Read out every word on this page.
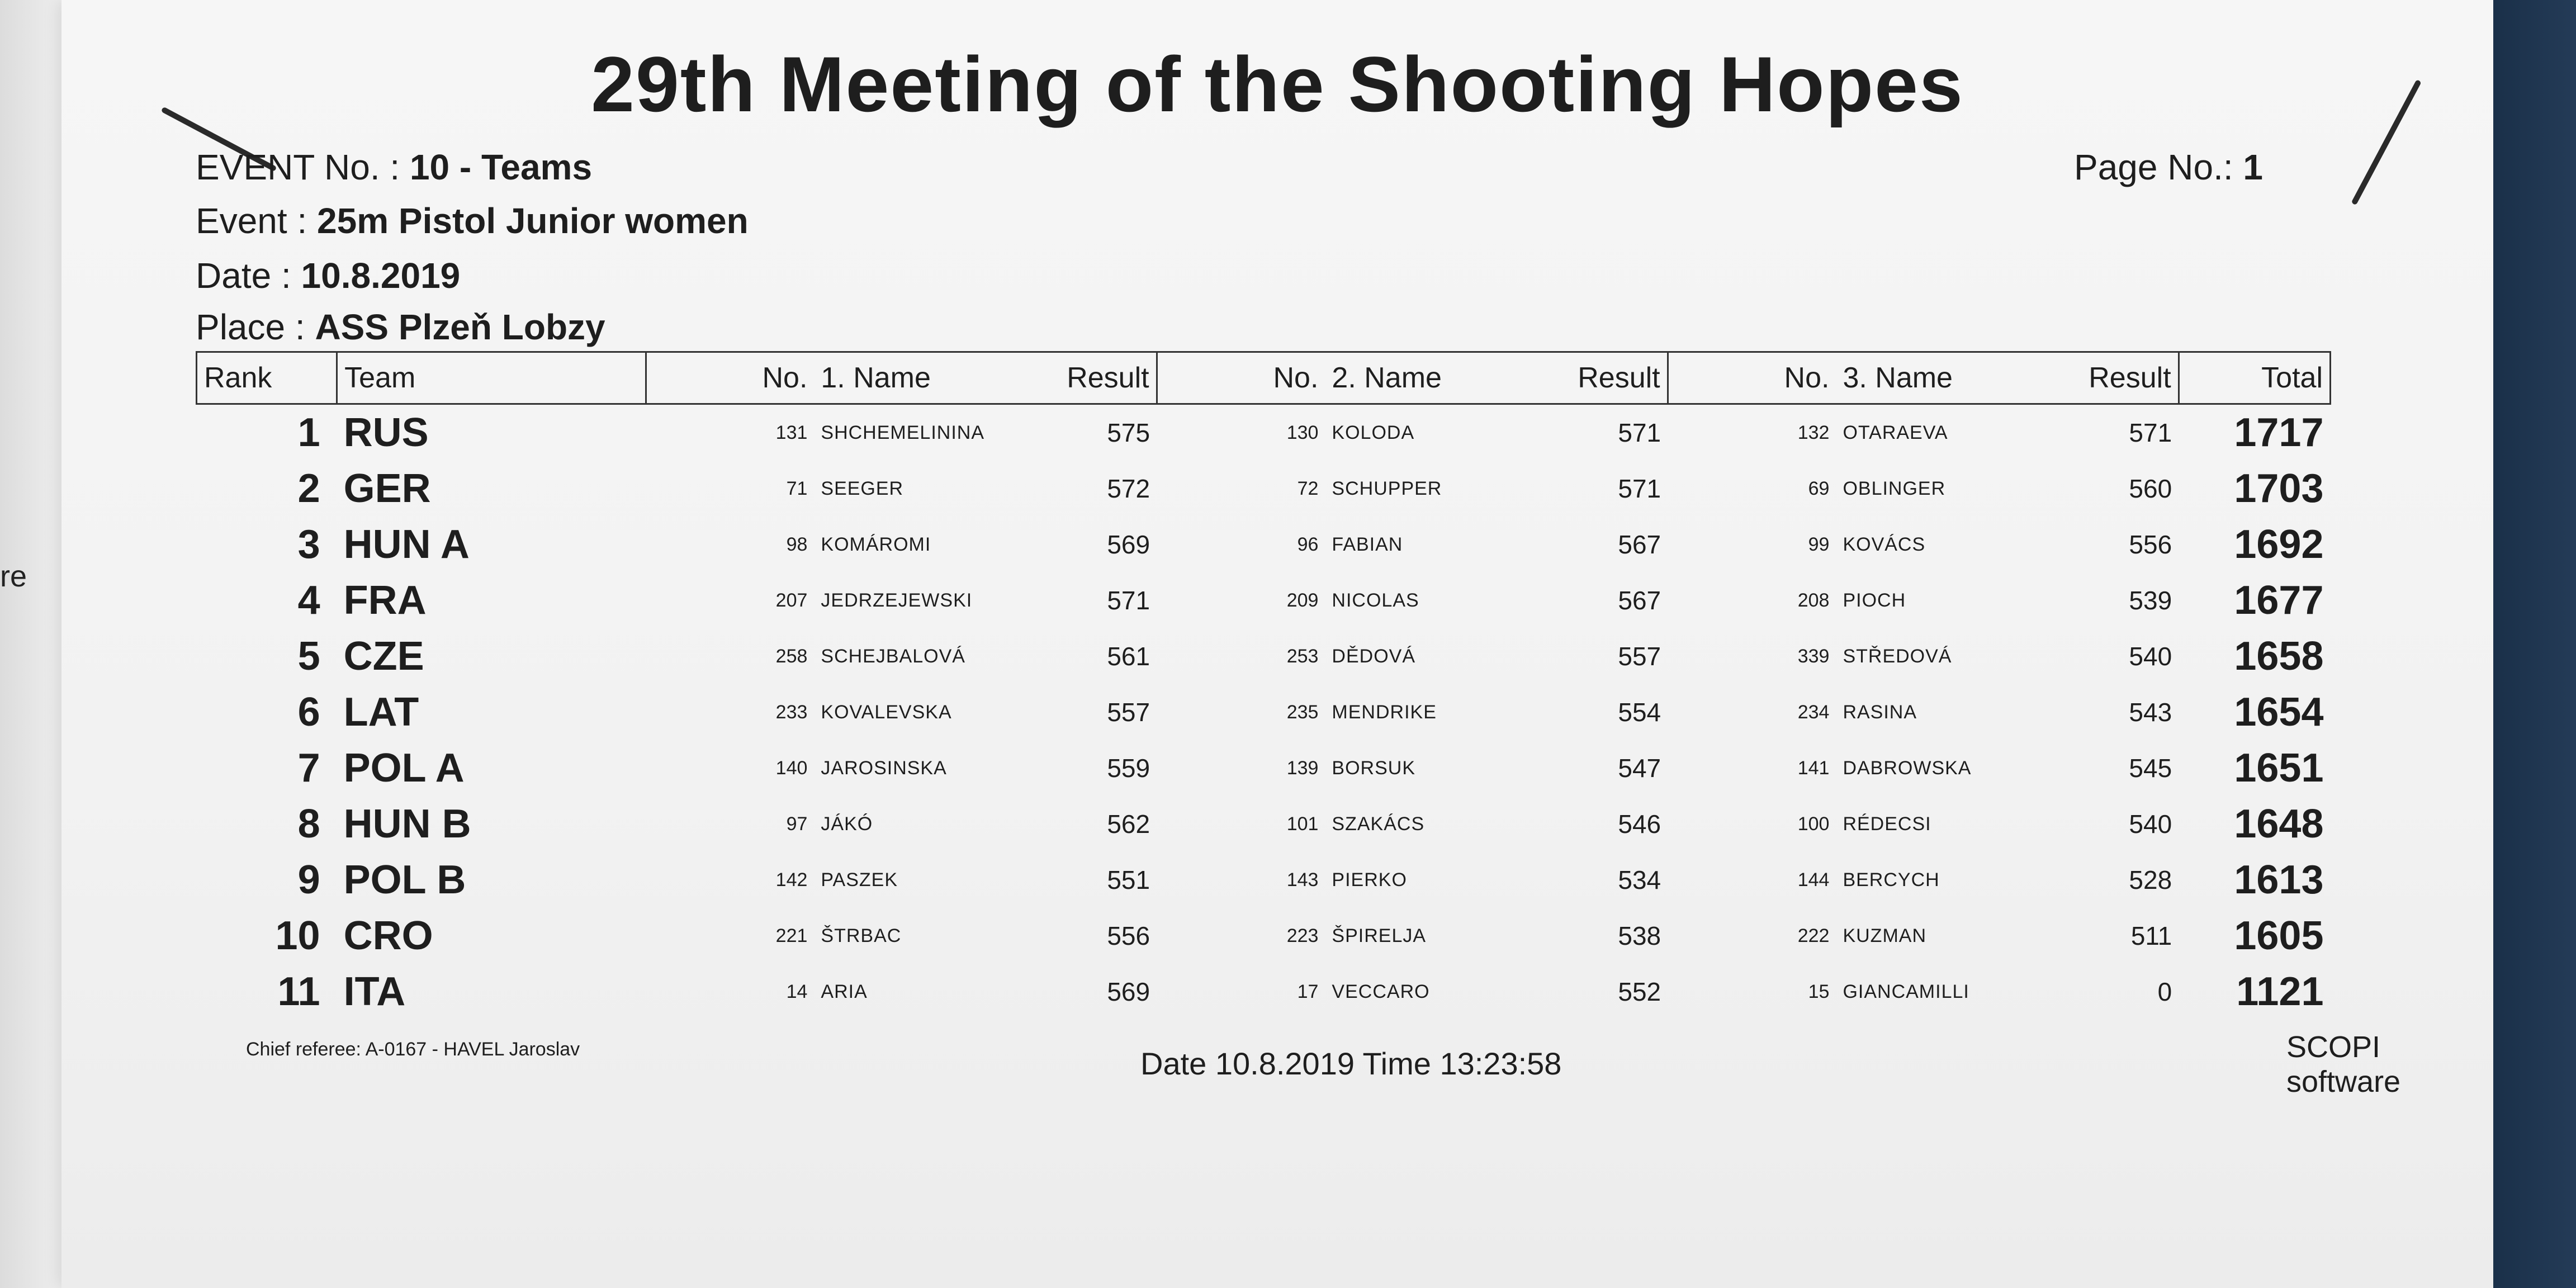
re
29th Meeting of the Shooting Hopes
EVENT No. : 10 - Teams
Event : 25m Pistol Junior women
Date : 10.8.2019
Place : ASS Plzeň Lobzy
Page No.: 1
Rank	Team	No.	1. Name	Result	No.	2. Name	Result	No.	3. Name	Result	Total
1	RUS	131	SHCHEMELININA	575	130	KOLODA	571	132	OTARAEVA	571	1717
2	GER	71	SEEGER	572	72	SCHUPPER	571	69	OBLINGER	560	1703
3	HUN A	98	KOMÁROMI	569	96	FABIAN	567	99	KOVÁCS	556	1692
4	FRA	207	JEDRZEJEWSKI	571	209	NICOLAS	567	208	PIOCH	539	1677
5	CZE	258	SCHEJBALOVÁ	561	253	DĚDOVÁ	557	339	STŘEDOVÁ	540	1658
6	LAT	233	KOVALEVSKA	557	235	MENDRIKE	554	234	RASINA	543	1654
7	POL A	140	JAROSINSKA	559	139	BORSUK	547	141	DABROWSKA	545	1651
8	HUN B	97	JÁKÓ	562	101	SZAKÁCS	546	100	RÉDECSI	540	1648
9	POL B	142	PASZEK	551	143	PIERKO	534	144	BERCYCH	528	1613
10	CRO	221	ŠTRBAC	556	223	ŠPIRELJA	538	222	KUZMAN	511	1605
11	ITA	14	ARIA	569	17	VECCARO	552	15	GIANCAMILLI	0	1121
Chief referee: A-0167 - HAVEL Jaroslav	Date 10.8.2019 Time 13:23:58	SCOPI software
